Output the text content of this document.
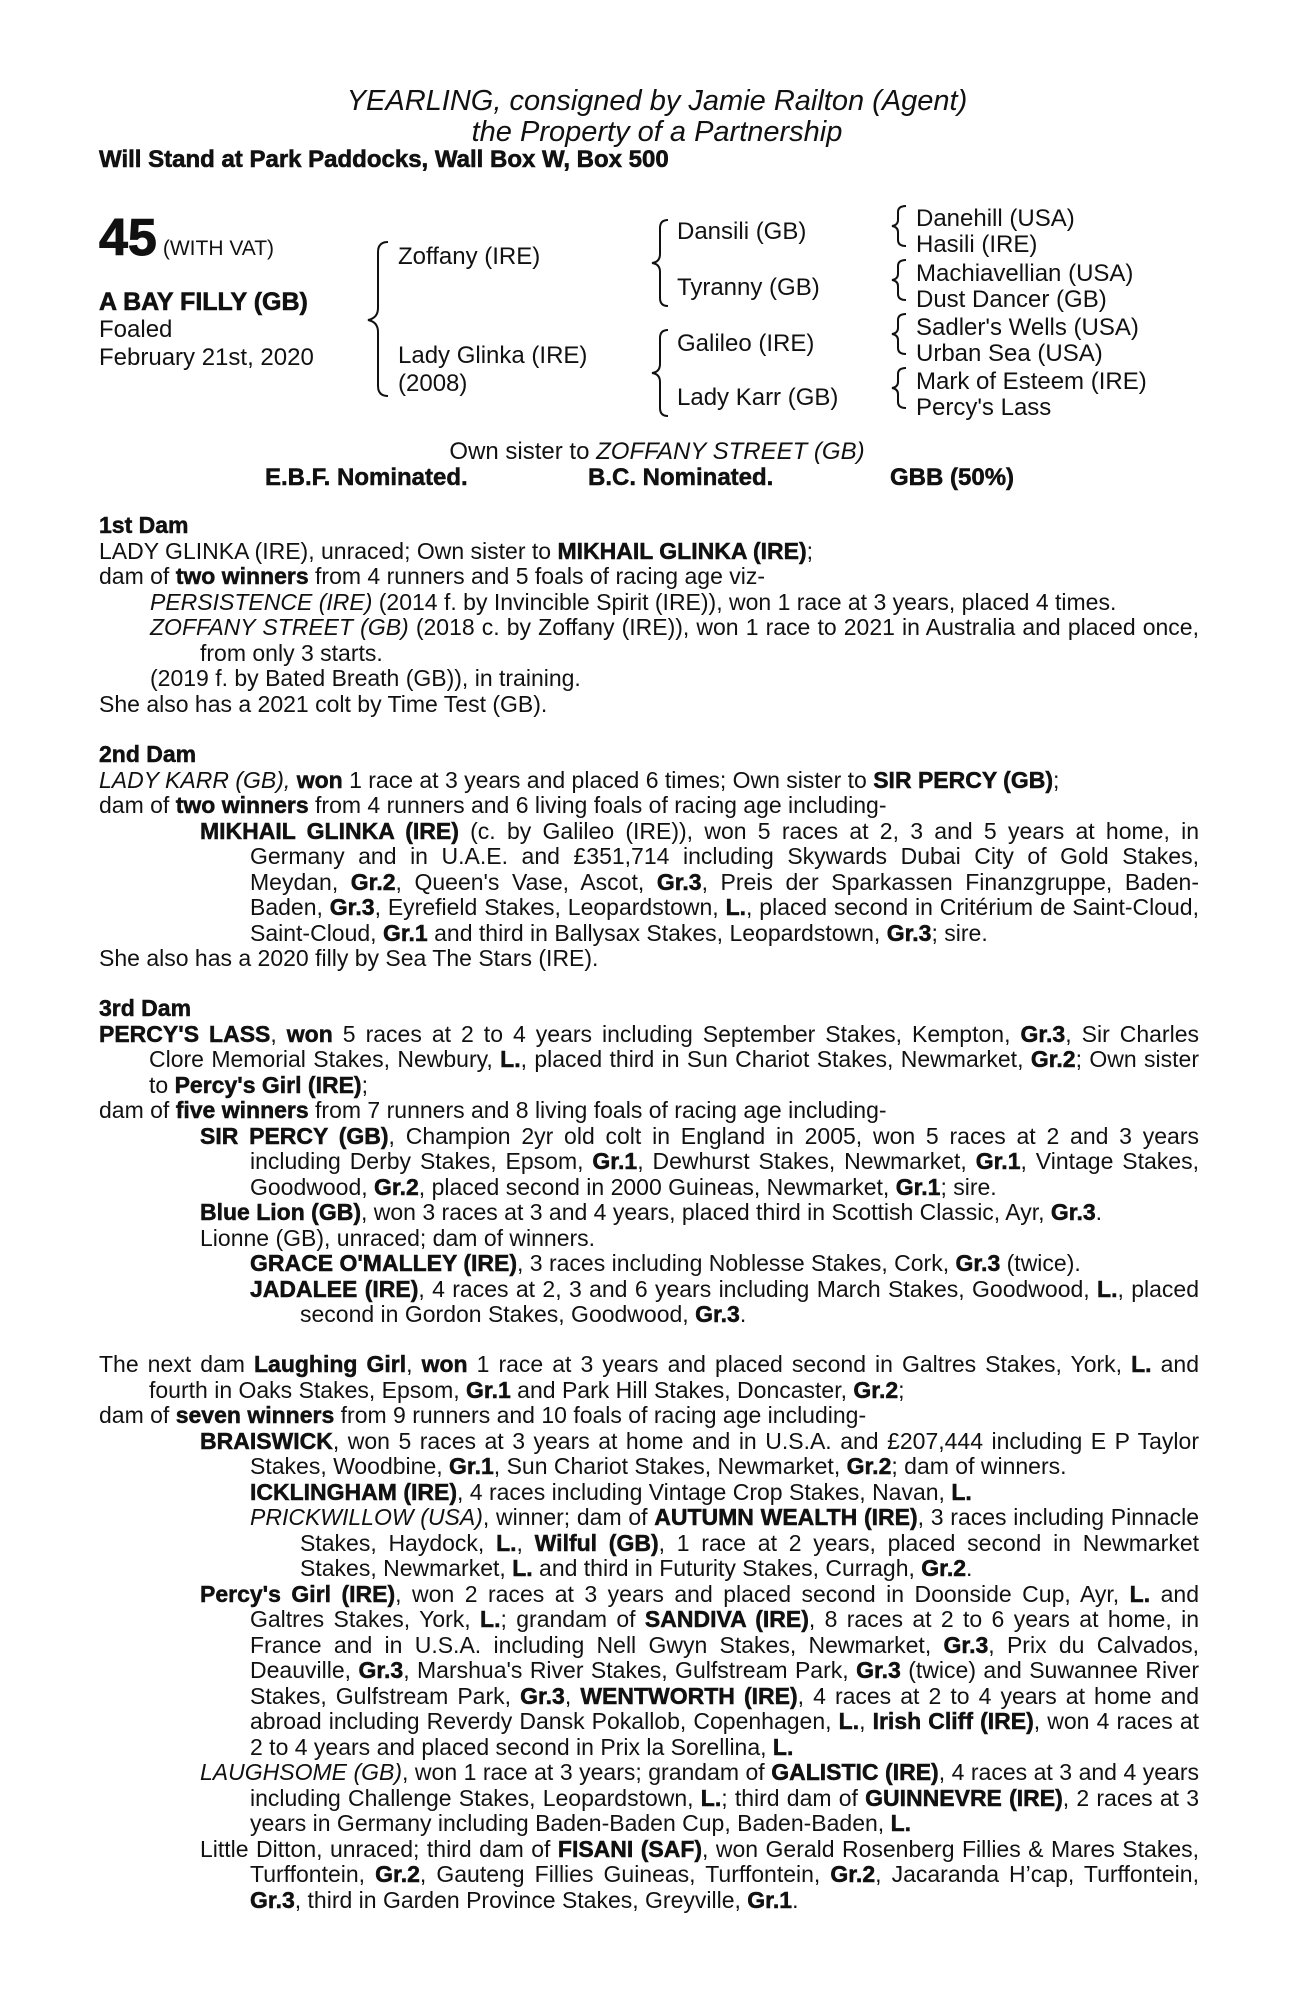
YEARLING, consigned by Jamie Railton (Agent)
the Property of a Partnership
Will Stand at Park Paddocks, Wall Box W, Box 500
45 (WITH VAT)
A BAY FILLY (GB)
Foaled
February 21st, 2020
Zoffany (IRE)
Lady Glinka (IRE)
(2008)
Dansili (GB)
Tyranny (GB)
Galileo (IRE)
Lady Karr (GB)
Danehill (USA)
Hasili (IRE)
Machiavellian (USA)
Dust Dancer (GB)
Sadler's Wells (USA)
Urban Sea (USA)
Mark of Esteem (IRE)
Percy's Lass
Own sister to ZOFFANY STREET (GB)
E.B.F. Nominated.	B.C. Nominated.	GBB (50%)
1st Dam

LADY GLINKA (IRE), unraced; Own sister to MIKHAIL GLINKA (IRE);

dam of two winners from 4 runners and 5 foals of racing age viz-

PERSISTENCE (IRE) (2014 f. by Invincible Spirit (IRE)), won 1 race at 3 years, placed 4 times.

ZOFFANY STREET (GB) (2018 c. by Zoffany (IRE)), won 1 race to 2021 in Australia and placed once, from only 3 starts.

(2019 f. by Bated Breath (GB)), in training.

She also has a 2021 colt by Time Test (GB).

2nd Dam

LADY KARR (GB), won 1 race at 3 years and placed 6 times; Own sister to SIR PERCY (GB);

dam of two winners from 4 runners and 6 living foals of racing age including-

MIKHAIL GLINKA (IRE) (c. by Galileo (IRE)), won 5 races at 2, 3 and 5 years at home, in Germany and in U.A.E. and £351,714 including Skywards Dubai City of Gold Stakes, Meydan, Gr.2, Queen's Vase, Ascot, Gr.3, Preis der Sparkassen Finanzgruppe, Baden-Baden, Gr.3, Eyrefield Stakes, Leopardstown, L., placed second in Critérium de Saint-Cloud, Saint-Cloud, Gr.1 and third in Ballysax Stakes, Leopardstown, Gr.3; sire.

She also has a 2020 filly by Sea The Stars (IRE).

3rd Dam

PERCY'S LASS, won 5 races at 2 to 4 years including September Stakes, Kempton, Gr.3, Sir Charles Clore Memorial Stakes, Newbury, L., placed third in Sun Chariot Stakes, Newmarket, Gr.2; Own sister to Percy's Girl (IRE);

dam of five winners from 7 runners and 8 living foals of racing age including-

SIR PERCY (GB), Champion 2yr old colt in England in 2005, won 5 races at 2 and 3 years including Derby Stakes, Epsom, Gr.1, Dewhurst Stakes, Newmarket, Gr.1, Vintage Stakes, Goodwood, Gr.2, placed second in 2000 Guineas, Newmarket, Gr.1; sire.

Blue Lion (GB), won 3 races at 3 and 4 years, placed third in Scottish Classic, Ayr, Gr.3.

Lionne (GB), unraced; dam of winners.

GRACE O'MALLEY (IRE), 3 races including Noblesse Stakes, Cork, Gr.3 (twice).

JADALEE (IRE), 4 races at 2, 3 and 6 years including March Stakes, Goodwood, L., placed second in Gordon Stakes, Goodwood, Gr.3.

The next dam Laughing Girl, won 1 race at 3 years and placed second in Galtres Stakes, York, L. and fourth in Oaks Stakes, Epsom, Gr.1 and Park Hill Stakes, Doncaster, Gr.2;

dam of seven winners from 9 runners and 10 foals of racing age including-

BRAISWICK, won 5 races at 3 years at home and in U.S.A. and £207,444 including E P Taylor Stakes, Woodbine, Gr.1, Sun Chariot Stakes, Newmarket, Gr.2; dam of winners.

ICKLINGHAM (IRE), 4 races including Vintage Crop Stakes, Navan, L.

PRICKWILLOW (USA), winner; dam of AUTUMN WEALTH (IRE), 3 races including Pinnacle Stakes, Haydock, L., Wilful (GB), 1 race at 2 years, placed second in Newmarket Stakes, Newmarket, L. and third in Futurity Stakes, Curragh, Gr.2.

Percy's Girl (IRE), won 2 races at 3 years and placed second in Doonside Cup, Ayr, L. and Galtres Stakes, York, L.; grandam of SANDIVA (IRE), 8 races at 2 to 6 years at home, in France and in U.S.A. including Nell Gwyn Stakes, Newmarket, Gr.3, Prix du Calvados, Deauville, Gr.3, Marshua's River Stakes, Gulfstream Park, Gr.3 (twice) and Suwannee River Stakes, Gulfstream Park, Gr.3, WENTWORTH (IRE), 4 races at 2 to 4 years at home and abroad including Reverdy Dansk Pokallob, Copenhagen, L., Irish Cliff (IRE), won 4 races at 2 to 4 years and placed second in Prix la Sorellina, L.

LAUGHSOME (GB), won 1 race at 3 years; grandam of GALISTIC (IRE), 4 races at 3 and 4 years including Challenge Stakes, Leopardstown, L.; third dam of GUINNEVRE (IRE), 2 races at 3 years in Germany including Baden-Baden Cup, Baden-Baden, L.

Little Ditton, unraced; third dam of FISANI (SAF), won Gerald Rosenberg Fillies & Mares Stakes, Turffontein, Gr.2, Gauteng Fillies Guineas, Turffontein, Gr.2, Jacaranda H’cap, Turffontein, Gr.3, third in Garden Province Stakes, Greyville, Gr.1.
